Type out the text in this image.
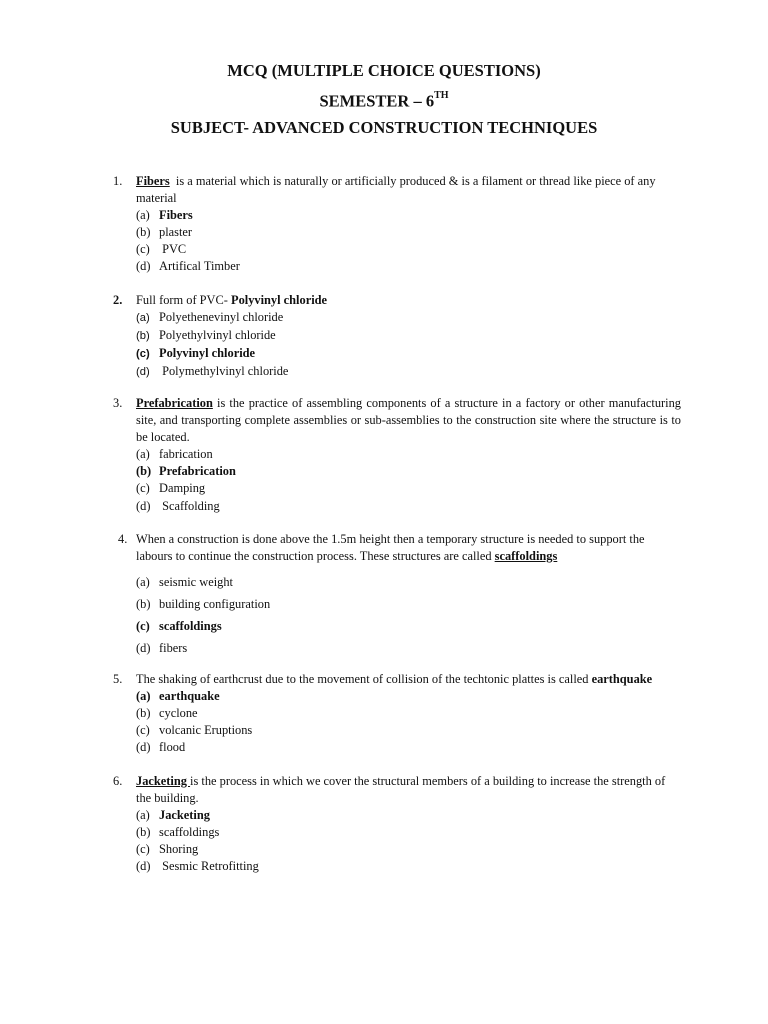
MCQ (MULTIPLE CHOICE QUESTIONS)
SEMESTER – 6TH
SUBJECT- ADVANCED CONSTRUCTION TECHNIQUES
1. Fibers  is a material which is naturally or artificially produced & is a filament or thread like piece of any material
(a) Fibers
(b) plaster
(c) PVC
(d) Artifical Timber
2. Full form of PVC- Polyvinyl chloride
(a) Polyethenevinyl chloride
(b) Polyethylvinyl chloride
(c) Polyvinyl chloride
(d) Polymethylvinyl chloride
3. Prefabrication is the practice of assembling components of a structure in a factory or other manufacturing site, and transporting complete assemblies or sub-assemblies to the construction site where the structure is to be located.
(a) fabrication
(b) Prefabrication
(c) Damping
(d) Scaffolding
4. When a construction is done above the 1.5m height then a temporary structure is needed to support the labours to continue the construction process. These structures are called scaffoldings
(a) seismic weight
(b) building configuration
(c) scaffoldings
(d) fibers
5. The shaking of earthcrust due to the movement of collision of the techtonic plattes is called earthquake
(a) earthquake
(b) cyclone
(c) volcanic Eruptions
(d) flood
6. Jacketing is the process in which we cover the structural members of a building to increase the strength of the building.
(a) Jacketing
(b) scaffoldings
(c) Shoring
(d) Sesmic Retrofitting
